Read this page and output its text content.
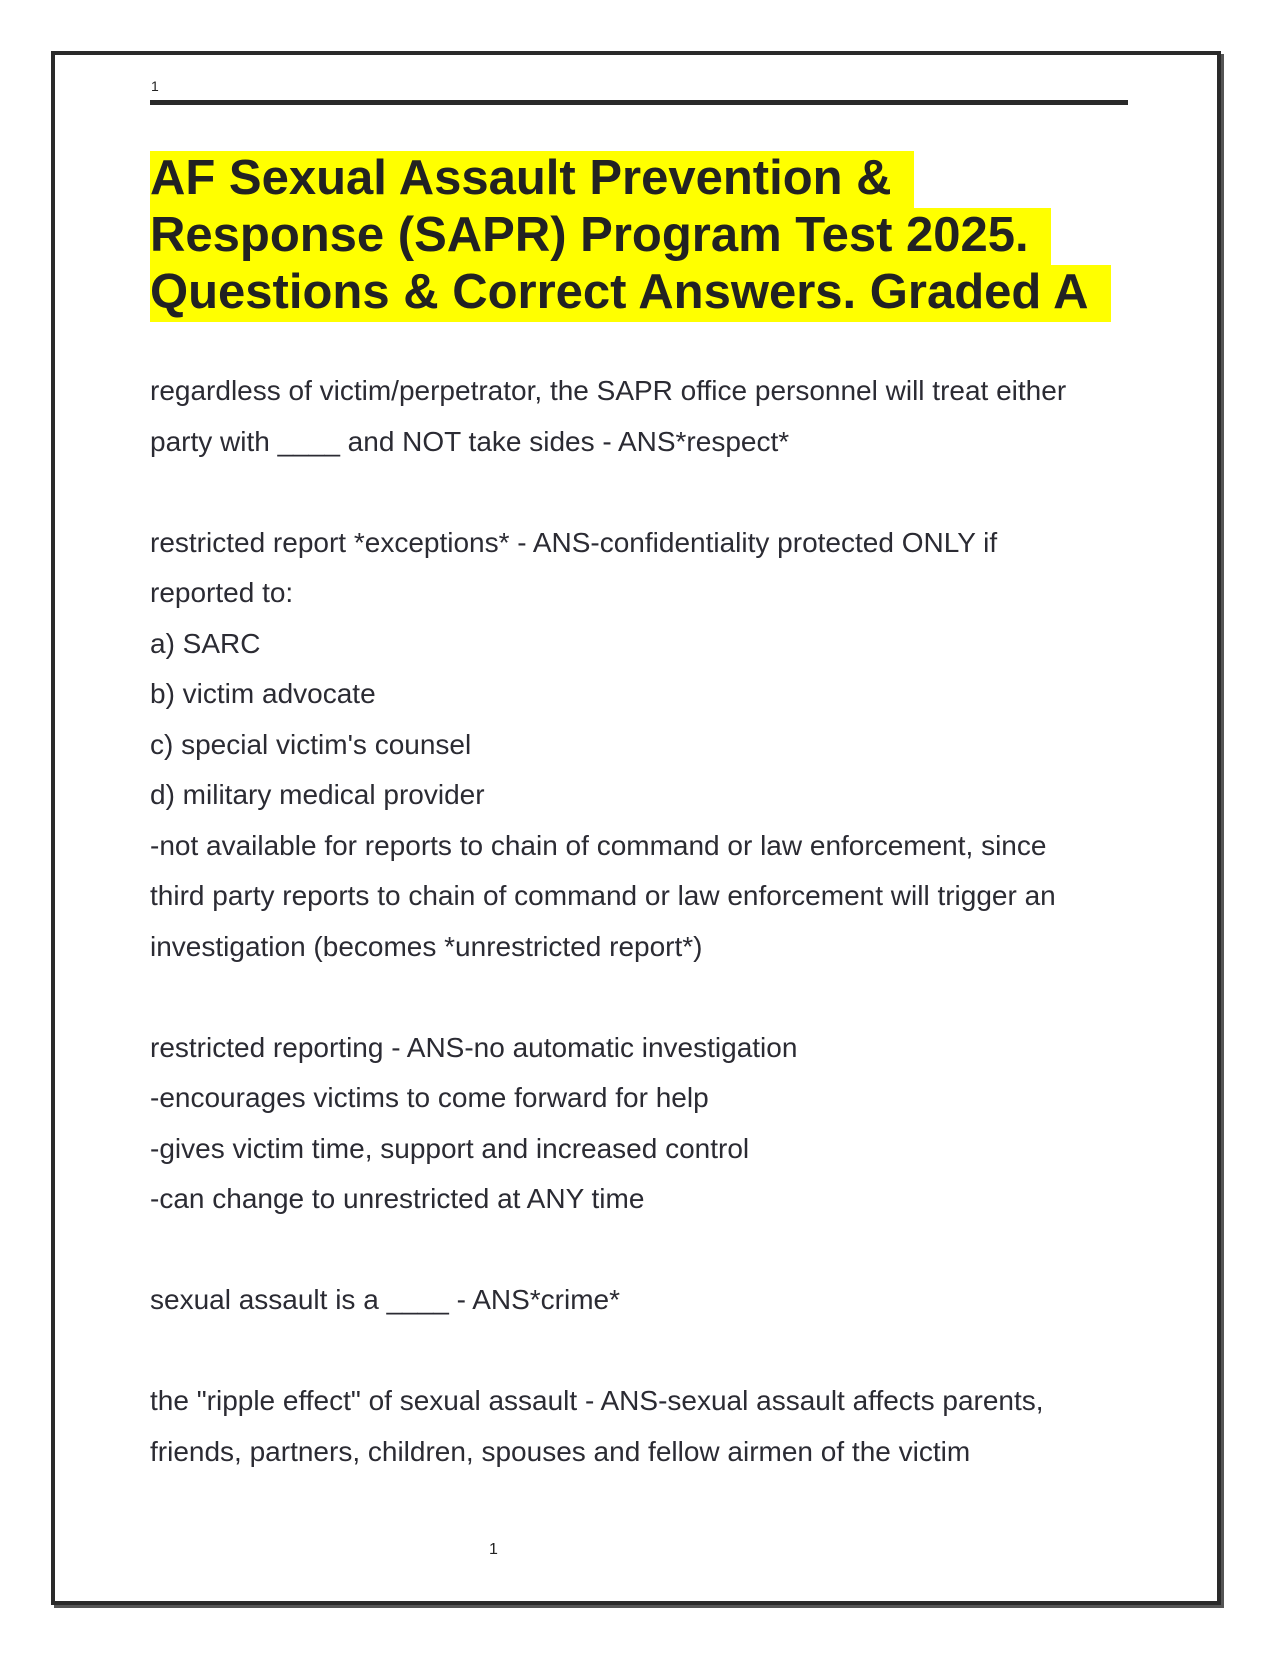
1
AF Sexual Assault Prevention &
Response (SAPR) Program Test 2025.
Questions & Correct Answers. Graded A

regardless of victim/perpetrator, the SAPR office personnel will treat either

party with ____ and NOT take sides - ANS*respect*

restricted report *exceptions* - ANS-confidentiality protected ONLY if

reported to:

a) SARC

b) victim advocate

c) special victim's counsel

d) military medical provider

-not available for reports to chain of command or law enforcement, since

third party reports to chain of command or law enforcement will trigger an

investigation (becomes *unrestricted report*)

restricted reporting - ANS-no automatic investigation

-encourages victims to come forward for help

-gives victim time, support and increased control

-can change to unrestricted at ANY time

sexual assault is a ____ - ANS*crime*

the "ripple effect" of sexual assault - ANS-sexual assault affects parents,

friends, partners, children, spouses and fellow airmen of the victim

1
